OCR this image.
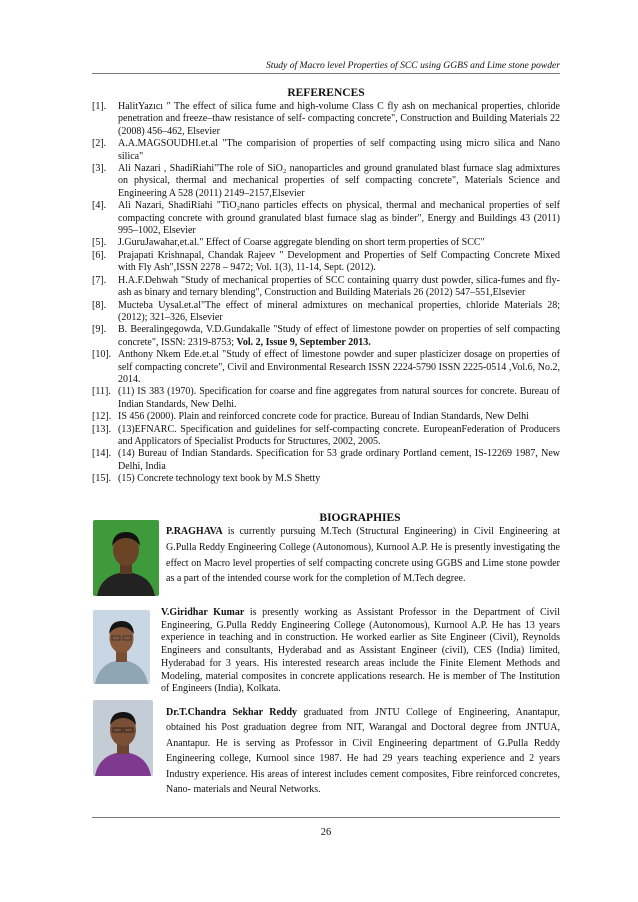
Study of Macro level Properties of SCC using GGBS and Lime stone powder
REFERENCES
[1].	HalitYazıcı " The effect of silica fume and high-volume Class C fly ash on mechanical properties, chloride penetration and freeze–thaw resistance of self- compacting concrete", Construction and Building Materials 22 (2008) 456–462, Elsevier
[2].	A.A.MAGSOUDHI.et.al "The comparision of properties of self compacting using micro silica and Nano silica"
[3].	Ali Nazari , ShadiRiahi"The role of SiO₂ nanoparticles and ground granulated blast furnace slag admixtures on physical, thermal and mechanical properties of self compacting concrete", Materials Science and Engineering A 528 (2011) 2149–2157,Elsevier
[4].	Ali Nazari, ShadiRiahi "TiO₂nano particles effects on physical, thermal and mechanical properties of self compacting concrete with ground granulated blast furnace slag as binder", Energy and Buildings 43 (2011) 995–1002, Elsevier
[5].	J.GuruJawahar,et.al." Effect of Coarse aggregate blending on short term properties of SCC"
[6].	Prajapati Krishnapal, Chandak Rajeev " Development and Properties of Self Compacting Concrete Mixed with Fly Ash",ISSN 2278 – 9472; Vol. 1(3), 11-14, Sept. (2012).
[7].	H.A.F.Dehwah "Study of mechanical properties of SCC containing quarry dust powder, silica-fumes and fly-ash as binary and ternary blending", Construction and Building Materials 26 (2012) 547–551,Elsevier
[8].	Mucteba Uysal.et.al"The effect of mineral admixtures on mechanical properties, chloride Materials 28; (2012); 321–326, Elsevier
[9].	B. Beeralingegowda, V.D.Gundakalle "Study of effect of limestone powder on properties of self compacting concrete", ISSN: 2319-8753; Vol. 2, Issue 9, September 2013.
[10]. Anthony Nkem Ede.et.al "Study of effect of limestone powder and super plasticizer dosage on properties of self compacting concrete", Civil and Environmental Research ISSN 2224-5790 ISSN 2225-0514 ,Vol.6, No.2, 2014.
[11]. (11) IS 383 (1970). Specification for coarse and fine aggregates from natural sources for concrete. Bureau of Indian Standards, New Delhi.
[12]. IS 456 (2000). Plain and reinforced concrete code for practice. Bureau of Indian Standards, New Delhi
[13]. (13)EFNARC. Specification and guidelines for self-compacting concrete. EuropeanFederation of Producers and Applicators of Specialist Products for Structures, 2002, 2005.
[14]. (14) Bureau of Indian Standards. Specification for 53 grade ordinary Portland cement, IS-12269 1987, New Delhi, India
[15]. (15) Concrete technology text book by M.S Shetty
BIOGRAPHIES
P.RAGHAVA is currently pursuing M.Tech (Structural Engineering) in Civil Engineering at G.Pulla Reddy Engineering College (Autonomous), Kurnool A.P. He is presently investigating the effect on Macro level properties of self compacting concrete using GGBS and Lime stone powder as a part of the intended course work for the completion of M.Tech degree.
V.Giridhar Kumar is presently working as Assistant Professor in the Department of Civil Engineering, G.Pulla Reddy Engineering College (Autonomous), Kurnool A.P. He has 13 years experience in teaching and in construction. He worked earlier as Site Engineer (Civil), Reynolds Engineers and consultants, Hyderabad and as Assistant Engineer (civil), CES (India) limited, Hyderabad for 3 years. His interested research areas include the Finite Element Methods and Modeling, material composites in concrete applications research. He is member of The Institution of Engineers (India), Kolkata.
Dr.T.Chandra Sekhar Reddy graduated from JNTU College of Engineering, Anantapur, obtained his Post graduation degree from NIT, Warangal and Doctoral degree from JNTUA, Anantapur. He is serving as Professor in Civil Engineering department of G.Pulla Reddy Engineering college, Kurnool since 1987. He had 29 years teaching experience and 2 years Industry experience. His areas of interest includes cement composites, Fibre reinforced concretes, Nano- materials and Neural Networks.
26
